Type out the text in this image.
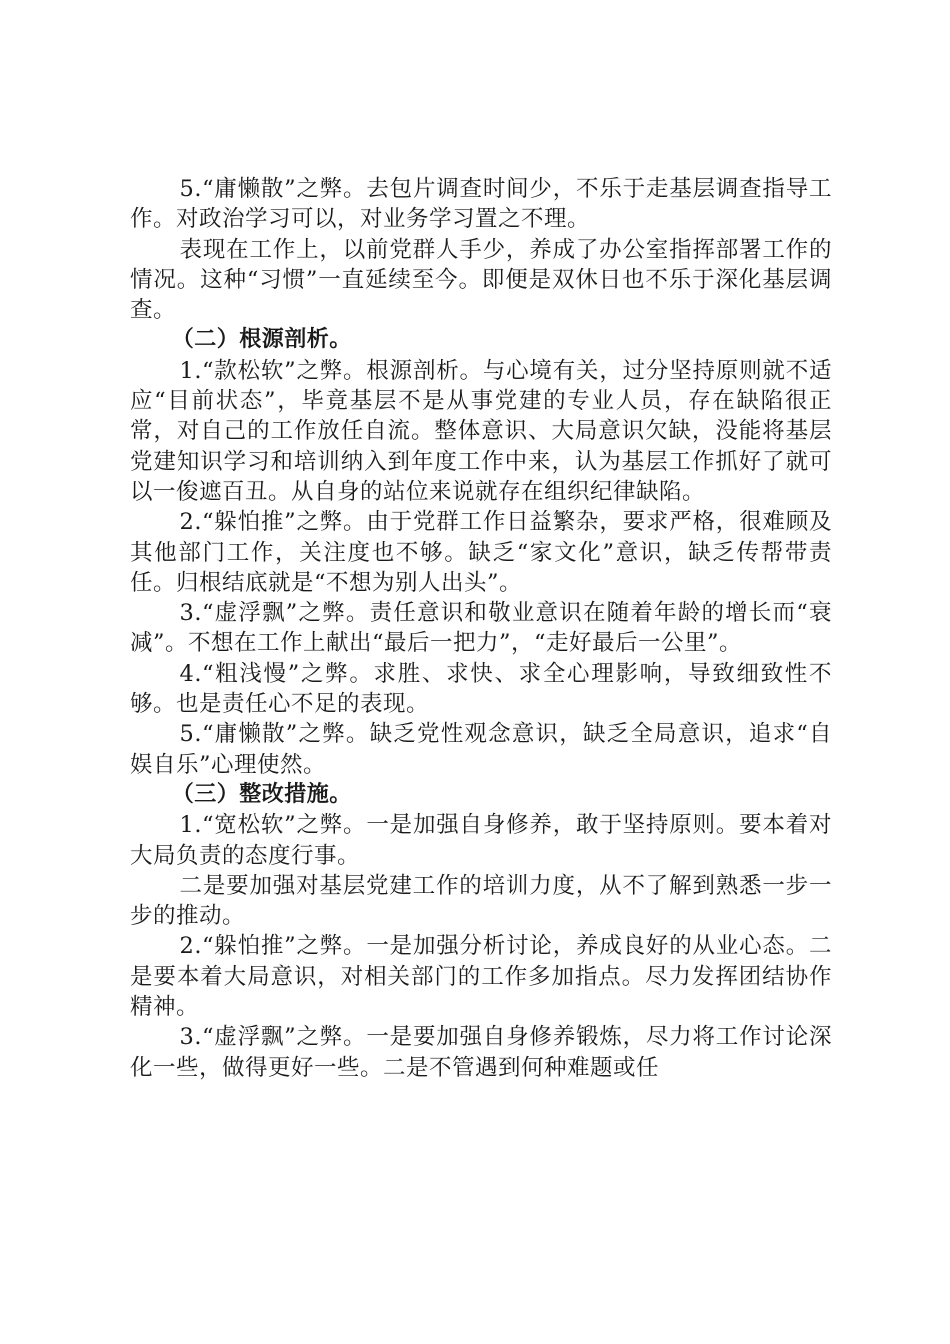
5.“庸懒散”之弊。去包片调查时间少，不乐于走基层调查指导工作。对政治学习可以，对业务学习置之不理。

表现在工作上，以前党群人手少，养成了办公室指挥部署工作的情况。这种“习惯”一直延续至今。即便是双休日也不乐于深化基层调查。

（二）根源剖析。

1.“款松软”之弊。根源剖析。与心境有关，过分坚持原则就不适应“目前状态”，毕竟基层不是从事党建的专业人员，存在缺陷很正常，对自己的工作放任自流。整体意识、大局意识欠缺，没能将基层党建知识学习和培训纳入到年度工作中来，认为基层工作抓好了就可以一俊遮百丑。从自身的站位来说就存在组织纪律缺陷。

2.“躲怕推”之弊。由于党群工作日益繁杂，要求严格，很难顾及其他部门工作，关注度也不够。缺乏“家文化”意识，缺乏传帮带责任。归根结底就是“不想为别人出头”。

3.“虚浮飘”之弊。责任意识和敬业意识在随着年龄的增长而“衰减”。不想在工作上献出“最后一把力”，“走好最后一公里”。

4.“粗浅慢”之弊。求胜、求快、求全心理影响，导致细致性不够。也是责任心不足的表现。

5.“庸懒散”之弊。缺乏党性观念意识，缺乏全局意识，追求“自娱自乐”心理使然。

（三）整改措施。

1.“宽松软”之弊。一是加强自身修养，敢于坚持原则。要本着对大局负责的态度行事。

二是要加强对基层党建工作的培训力度，从不了解到熟悉一步一步的推动。

2.“躲怕推”之弊。一是加强分析讨论，养成良好的从业心态。二是要本着大局意识，对相关部门的工作多加指点。尽力发挥团结协作精神。

3.“虚浮飘”之弊。一是要加强自身修养锻炼，尽力将工作讨论深化一些，做得更好一些。二是不管遇到何种难题或任
